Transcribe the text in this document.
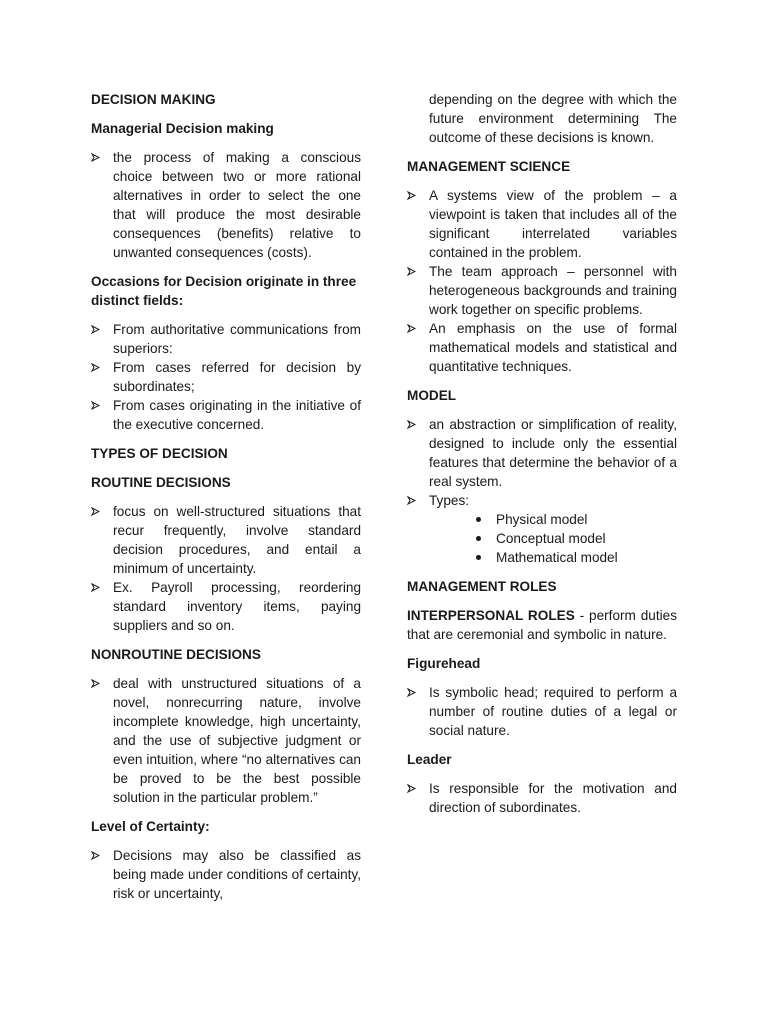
DECISION MAKING
Managerial Decision making
the process of making a conscious choice between two or more rational alternatives in order to select the one that will produce the most desirable consequences (benefits) relative to unwanted consequences (costs).
Occasions for Decision originate in three distinct fields:
From authoritative communications from superiors:
From cases referred for decision by subordinates;
From cases originating in the initiative of the executive concerned.
TYPES OF DECISION
ROUTINE DECISIONS
focus on well-structured situations that recur frequently, involve standard decision procedures, and entail a minimum of uncertainty.
Ex. Payroll processing, reordering standard inventory items, paying suppliers and so on.
NONROUTINE DECISIONS
deal with unstructured situations of a novel, nonrecurring nature, involve incomplete knowledge, high uncertainty, and the use of subjective judgment or even intuition, where “no alternatives can be proved to be the best possible solution in the particular problem.”
Level of Certainty:
Decisions may also be classified as being made under conditions of certainty, risk or uncertainty,
depending on the degree with which the future environment determining The outcome of these decisions is known.
MANAGEMENT SCIENCE
A systems view of the problem – a viewpoint is taken that includes all of the significant interrelated variables contained in the problem.
The team approach – personnel with heterogeneous backgrounds and training work together on specific problems.
An emphasis on the use of formal mathematical models and statistical and quantitative techniques.
MODEL
an abstraction or simplification of reality, designed to include only the essential features that determine the behavior of a real system.
Types:
Physical model
Conceptual model
Mathematical model
MANAGEMENT ROLES
INTERPERSONAL ROLES - perform duties that are ceremonial and symbolic in nature.
Figurehead
Is symbolic head; required to perform a number of routine duties of a legal or social nature.
Leader
Is responsible for the motivation and direction of subordinates.
